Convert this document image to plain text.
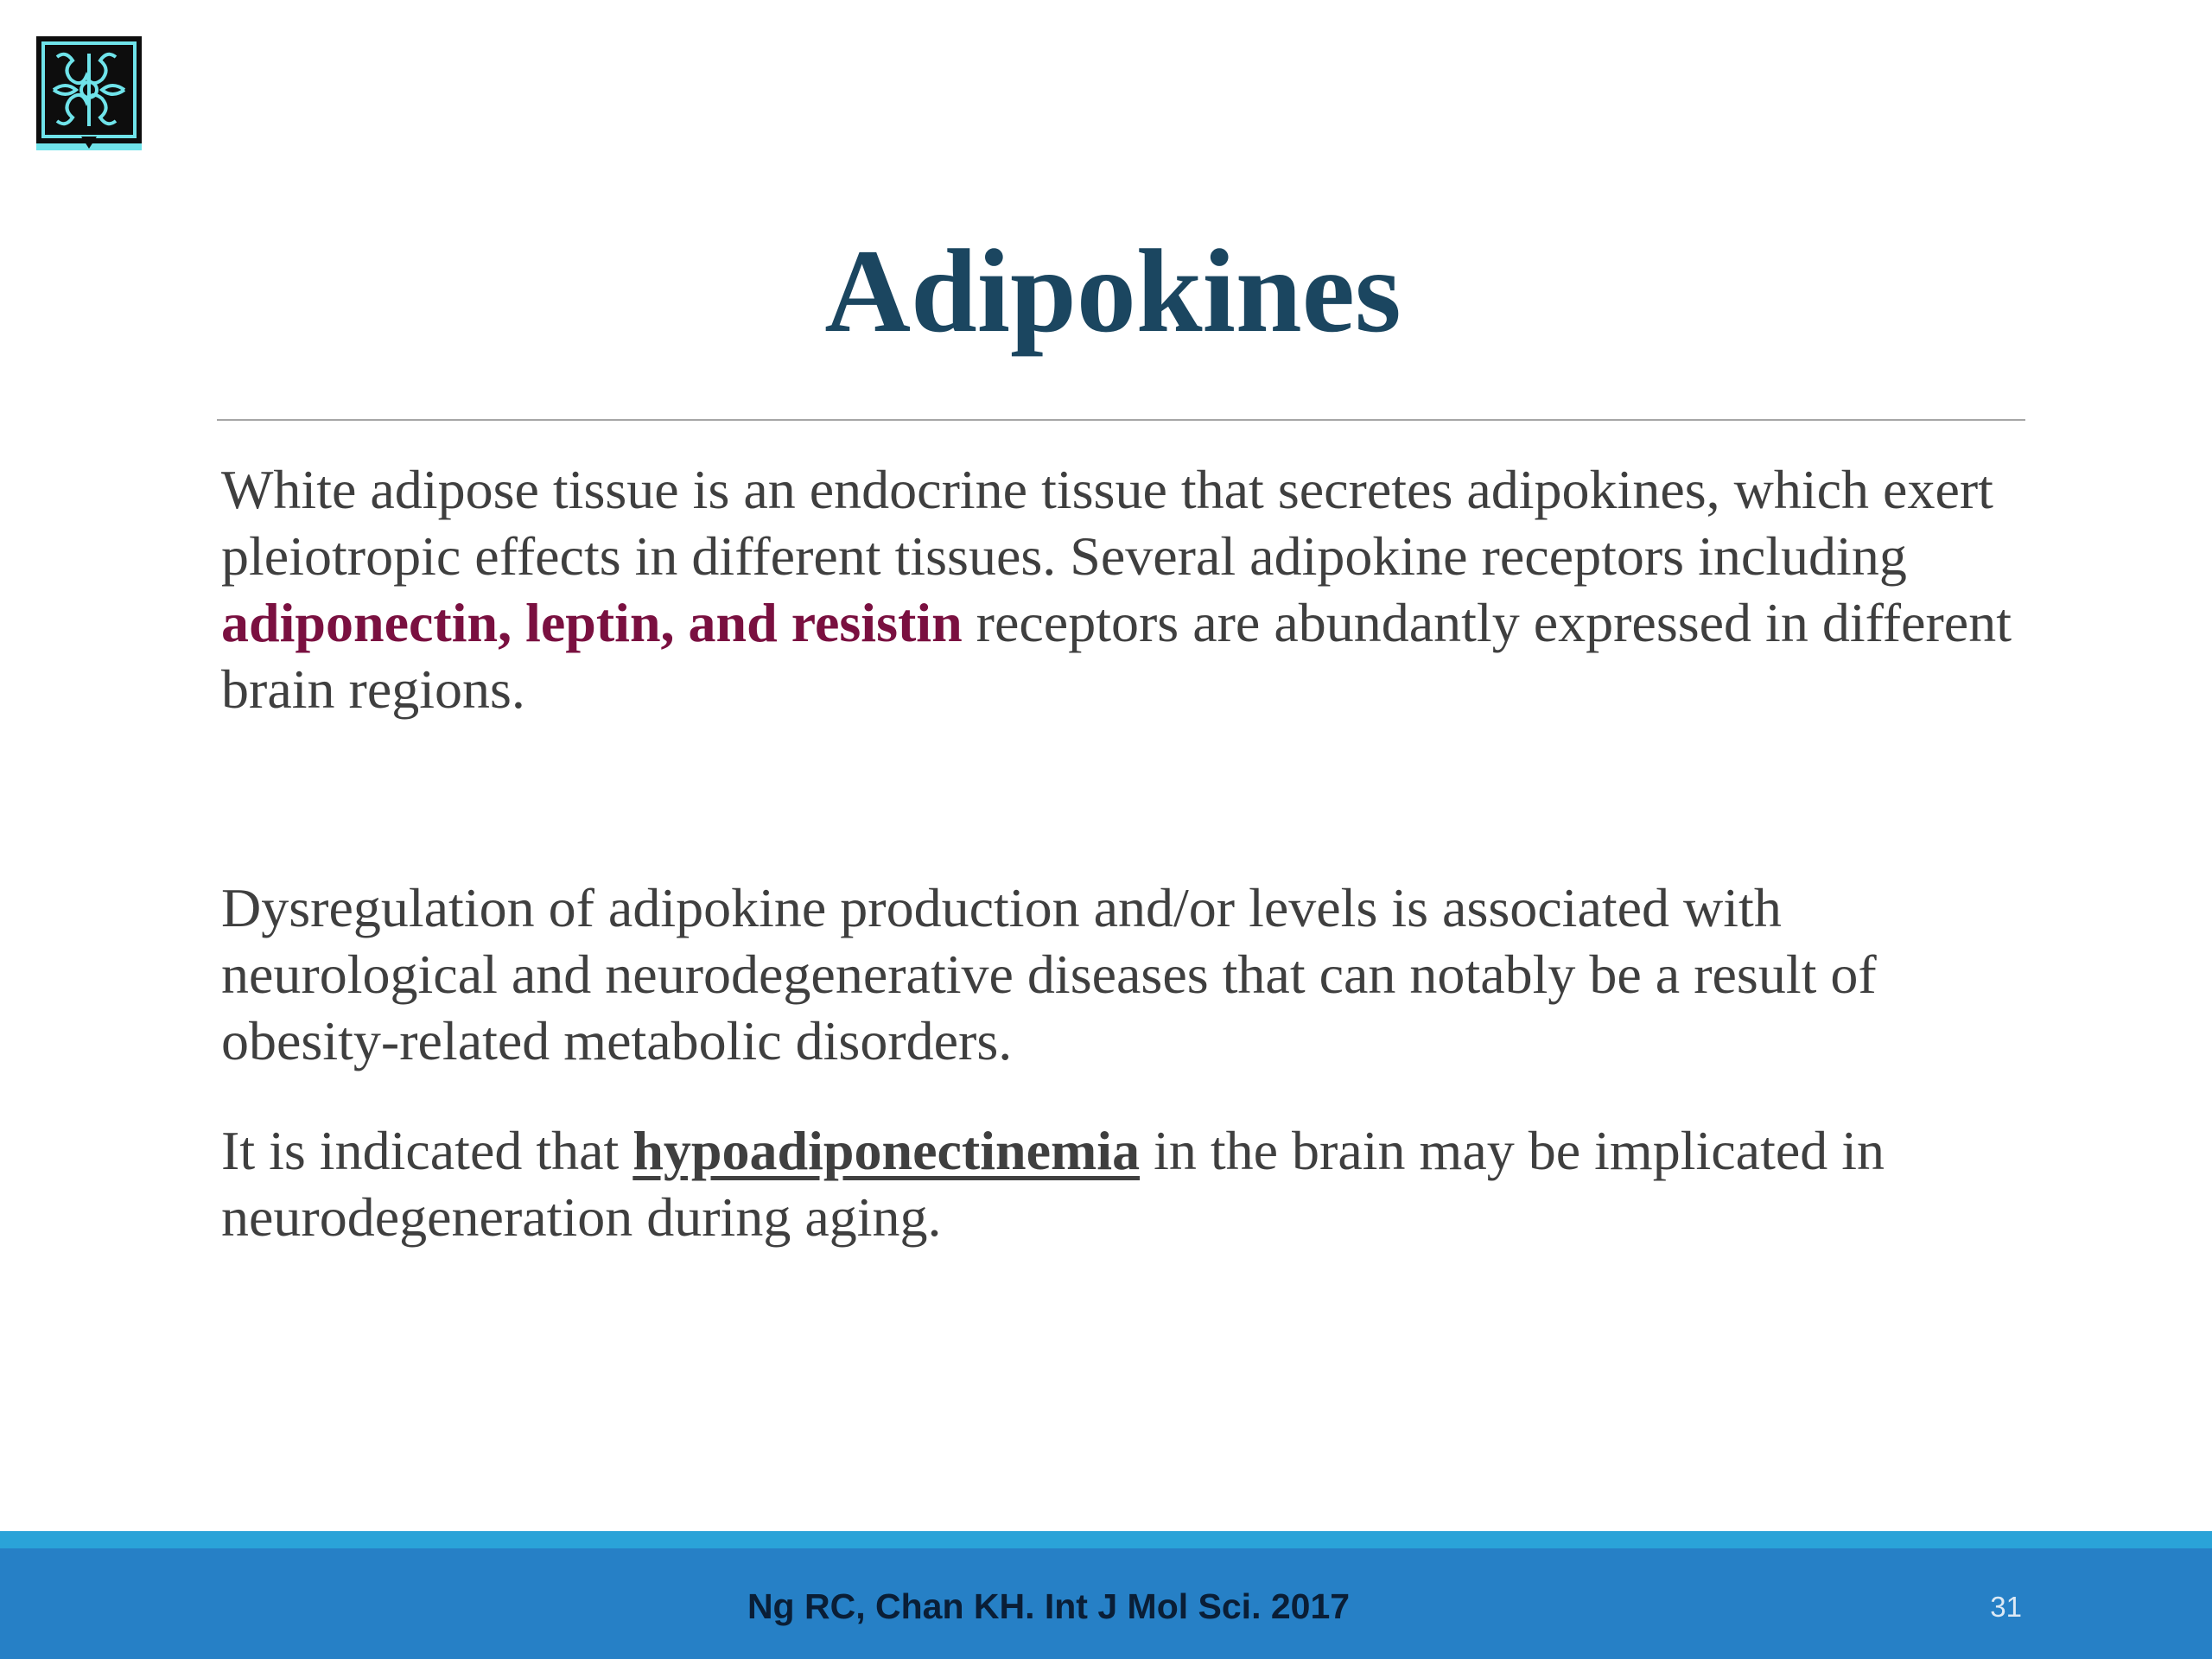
Adipokines
White adipose tissue is an endocrine tissue that secretes adipokines, which exert pleiotropic effects in different tissues. Several adipokine receptors including adiponectin, leptin, and resistin receptors are abundantly expressed in different brain regions.
Dysregulation of adipokine production and/or levels is associated with neurological and neurodegenerative diseases that can notably be a result of obesity-related metabolic disorders.
It is indicated that hypoadiponectinemia in the brain may be implicated in neurodegeneration during aging.
Ng RC, Chan KH. Int J Mol Sci. 2017	31
